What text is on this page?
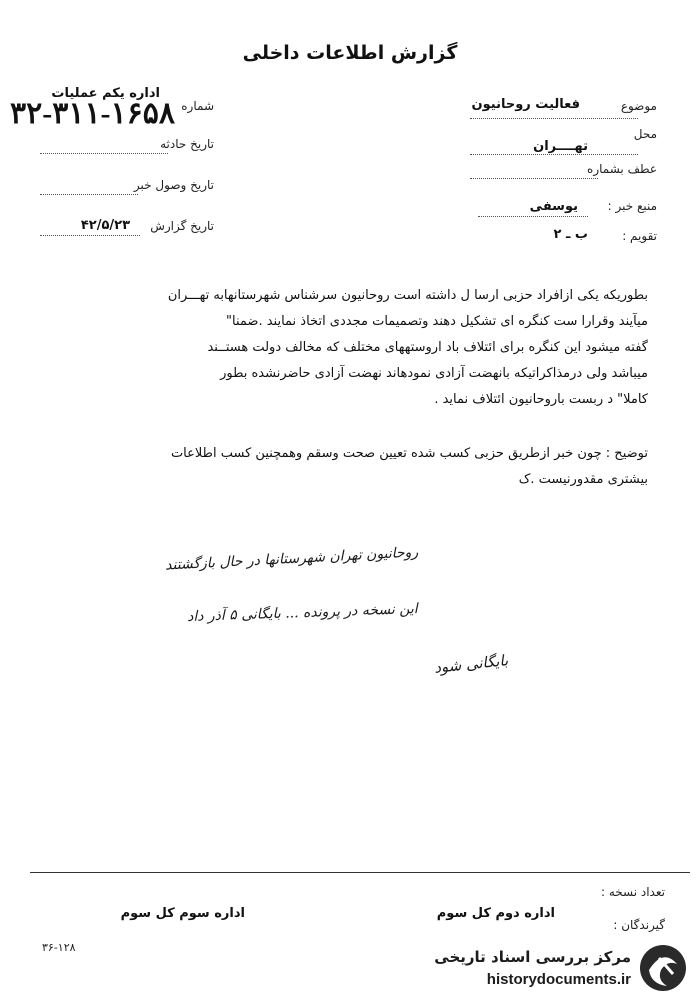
گزارش اطلاعات داخلی
موضوع
فعالیت روحانیون
محل
تهــــران
عطف بشماره
منبع خبر :
یوسفی
تقویم :
ب ـ ۲
شماره
اداره یکم عملیات
۳۲-۳۱۱-۱۶۵۸
تاریخ حادثه
تاریخ وصول خبر
تاریخ گزارش
۴۲/۵/۲۳

بطوریکه یکی ازافراد حزبی ارسا ل داشته است روحانیون سرشناس شهرستانهابه تهـــران

میآیند وقرارا ست کنگره ای تشکیل دهند وتصمیمات مجددی اتخاذ نمایند .ضمنا"

گفته میشود این کنگره برای ائتلاف باد اروستههای مختلف که مخالف دولت هستــند

میباشد ولی درمذاکراتیکه بانهضت آزادی نمودهاند نهضت آزادی حاضرنشده بطور

کاملا" د ربست باروحانیون ائتلاف نماید .

توضیح : چون خبر ازطریق حزبی کسب شده تعیین صحت وسقم وهمچنین کسب اطلاعات

بیشتری مقدورنیست .ک

روحانیون تهران شهرستانها در حال بازگشتند
این نسخه در پرونده ... بایگانی ۵ آذر داد
بایگانی شود
تعداد نسخه :
گیرندگان :
اداره دوم کل سوم
اداره سوم کل سوم
۳۶-۱۲۸
مرکز بررسی اسناد تاریخی
historydocuments.ir
